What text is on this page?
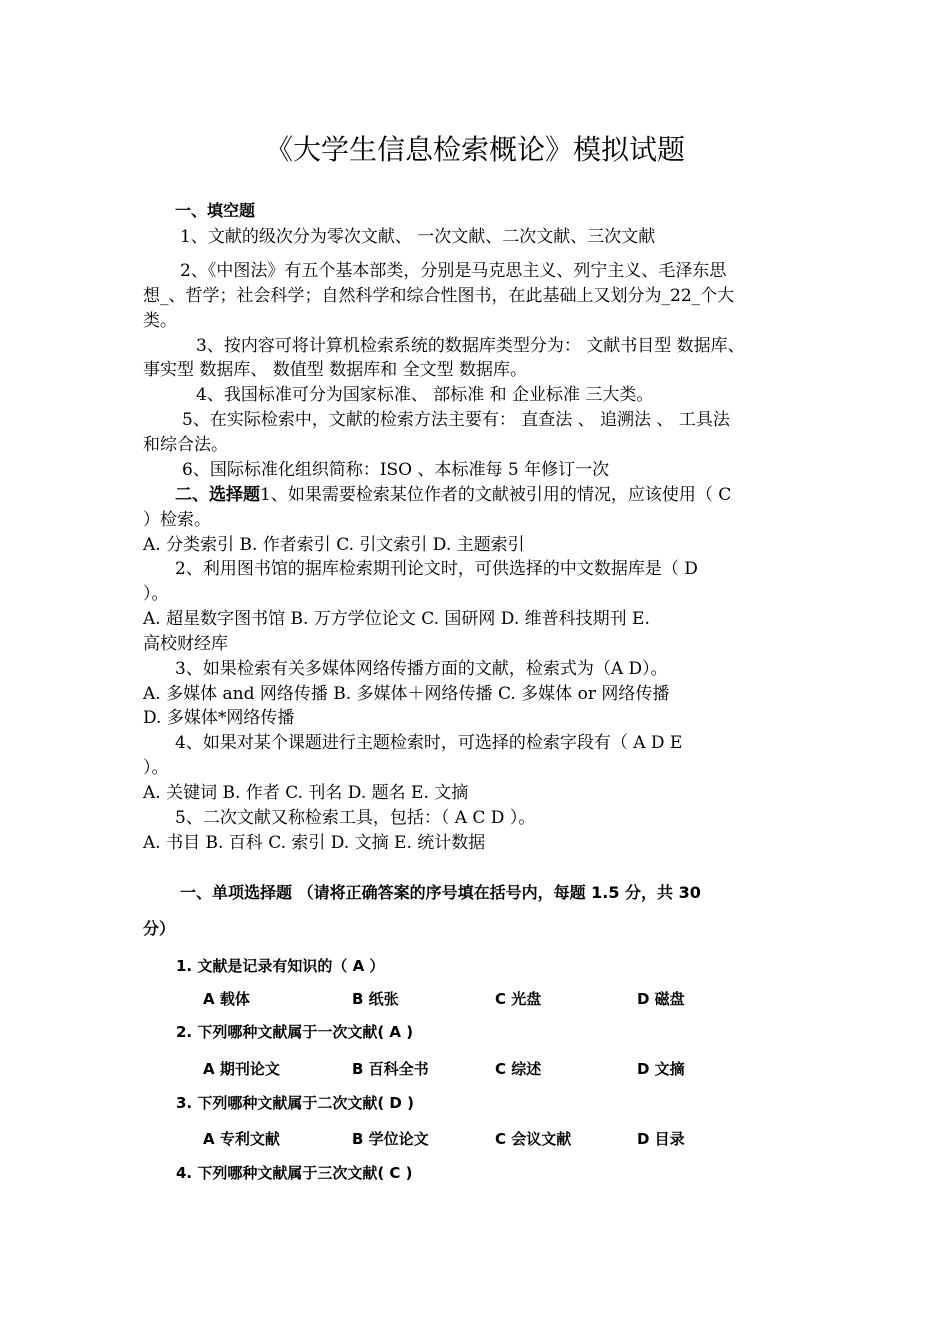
《大学生信息检索概论》模拟试题
一、填空题
1、文献的级次分为零次文献、 一次文献、二次文献、三次文献
2、《中图法》有五个基本部类，分别是马克思主义、列宁主义、毛泽东思
想_、哲学；社会科学；自然科学和综合性图书，在此基础上又划分为_22_个大
类。
3、按内容可将计算机检索系统的数据库类型分为： 文献书目型 数据库、
事实型 数据库、 数值型 数据库和 全文型 数据库。
4、我国标准可分为国家标准、 部标准 和 企业标准 三大类。
5、在实际检索中，文献的检索方法主要有： 直查法 、 追溯法 、 工具法
和综合法。
6、国际标准化组织简称：ISO 、本标准每 5 年修订一次
二、选择题1、如果需要检索某位作者的文献被引用的情况，应该使用（ C
）检索。
A. 分类索引 B. 作者索引 C. 引文索引 D. 主题索引
2、利用图书馆的据库检索期刊论文时，可供选择的中文数据库是（ D
）。
A. 超星数字图书馆 B. 万方学位论文 C. 国研网 D. 维普科技期刊 E.
高校财经库
3、如果检索有关多媒体网络传播方面的文献，检索式为（A D）。
A. 多媒体 and 网络传播 B. 多媒体＋网络传播 C. 多媒体 or 网络传播
D. 多媒体*网络传播
4、如果对某个课题进行主题检索时，可选择的检索字段有（ A D E
）。
A. 关键词 B. 作者 C. 刊名 D. 题名 E. 文摘
5、二次文献又称检索工具，包括：（ A C D ）。
A. 书目 B. 百科 C. 索引 D. 文摘 E. 统计数据
一、单项选择题 （请将正确答案的序号填在括号内，每题 1.5 分，共 30
分）
1. 文献是记录有知识的（ A ）
A 载体	B 纸张	C 光盘	D 磁盘
2. 下列哪种文献属于一次文献( A )
A 期刊论文	B 百科全书	C 综述	D 文摘
3. 下列哪种文献属于二次文献( D )
A 专利文献	B 学位论文	C 会议文献	D 目录
4. 下列哪种文献属于三次文献( C )
